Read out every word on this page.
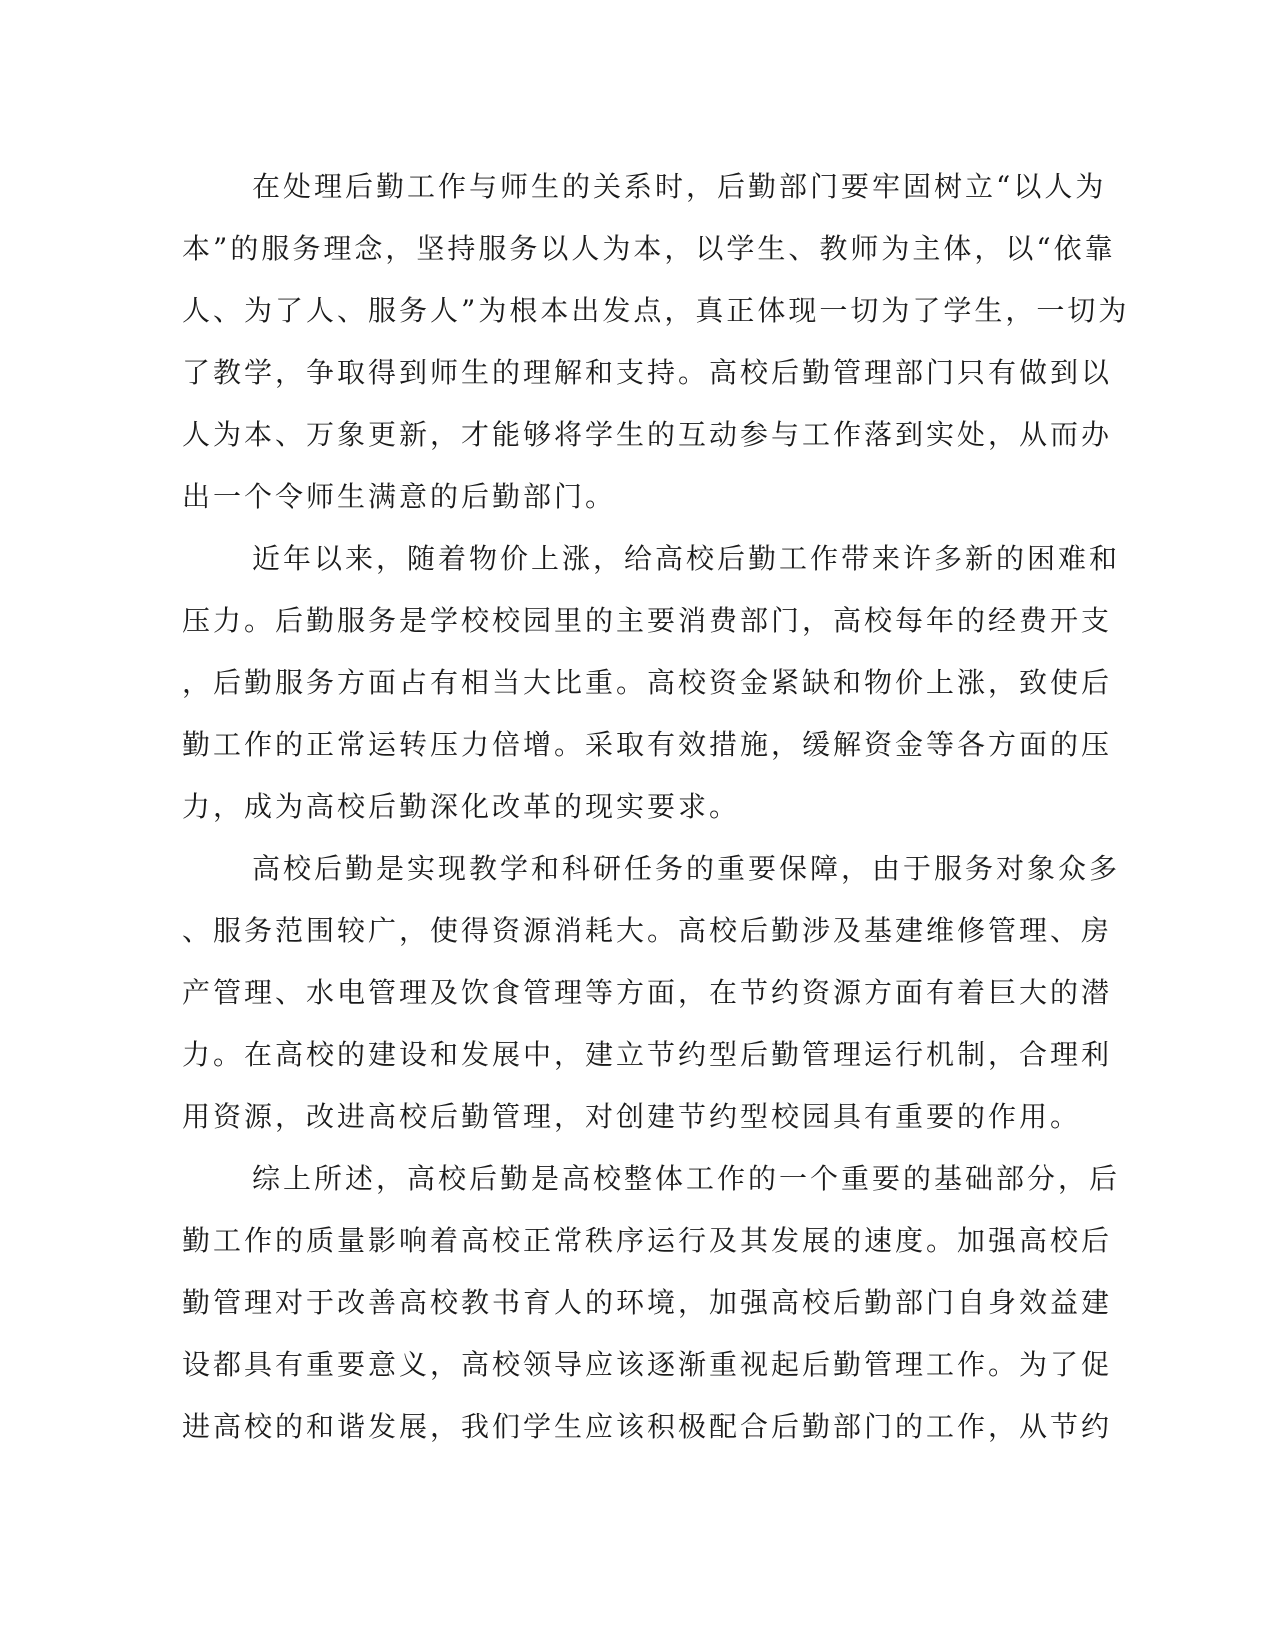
在处理后勤工作与师生的关系时，后勤部门要牢固树立“以人为
本”的服务理念，坚持服务以人为本，以学生、教师为主体，以“依靠
人、为了人、服务人”为根本出发点，真正体现一切为了学生，一切为
了教学，争取得到师生的理解和支持。高校后勤管理部门只有做到以
人为本、万象更新，才能够将学生的互动参与工作落到实处，从而办
出一个令师生满意的后勤部门。
近年以来，随着物价上涨，给高校后勤工作带来许多新的困难和
压力。后勤服务是学校校园里的主要消费部门，高校每年的经费开支
，后勤服务方面占有相当大比重。高校资金紧缺和物价上涨，致使后
勤工作的正常运转压力倍增。采取有效措施，缓解资金等各方面的压
力，成为高校后勤深化改革的现实要求。
高校后勤是实现教学和科研任务的重要保障，由于服务对象众多
、服务范围较广，使得资源消耗大。高校后勤涉及基建维修管理、房
产管理、水电管理及饮食管理等方面，在节约资源方面有着巨大的潜
力。在高校的建设和发展中，建立节约型后勤管理运行机制，合理利
用资源，改进高校后勤管理，对创建节约型校园具有重要的作用。
综上所述，高校后勤是高校整体工作的一个重要的基础部分，后
勤工作的质量影响着高校正常秩序运行及其发展的速度。加强高校后
勤管理对于改善高校教书育人的环境，加强高校后勤部门自身效益建
设都具有重要意义，高校领导应该逐渐重视起后勤管理工作。为了促
进高校的和谐发展，我们学生应该积极配合后勤部门的工作，从节约
